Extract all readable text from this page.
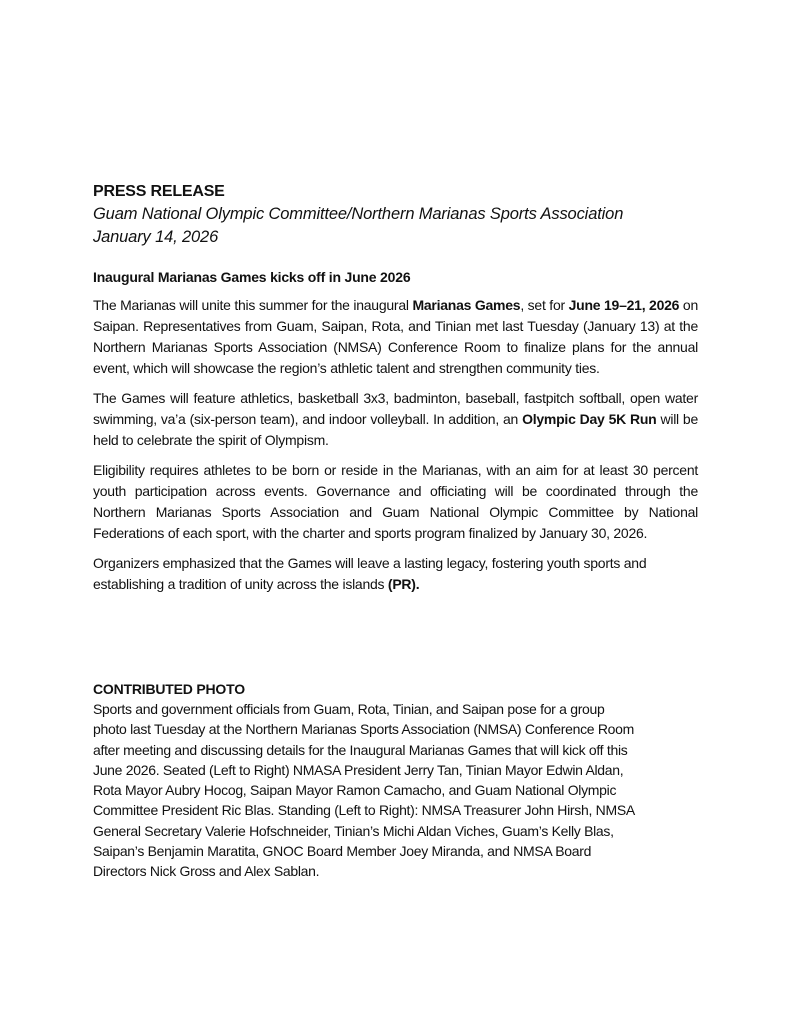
PRESS RELEASE

Guam National Olympic Committee/Northern Marianas Sports Association

January 14, 2026

Inaugural Marianas Games kicks off in June 2026

The Marianas will unite this summer for the inaugural Marianas Games, set for June 19–21, 2026 on Saipan. Representatives from Guam, Saipan, Rota, and Tinian met last Tuesday (January 13) at the Northern Marianas Sports Association (NMSA) Conference Room to finalize plans for the annual event, which will showcase the region’s athletic talent and strengthen community ties.

The Games will feature athletics, basketball 3x3, badminton, baseball, fastpitch softball, open water swimming, va’a (six-person team), and indoor volleyball. In addition, an Olympic Day 5K Run will be held to celebrate the spirit of Olympism.

Eligibility requires athletes to be born or reside in the Marianas, with an aim for at least 30 percent youth participation across events. Governance and officiating will be coordinated through the Northern Marianas Sports Association and Guam National Olympic Committee by National Federations of each sport, with the charter and sports program finalized by January 30, 2026.

Organizers emphasized that the Games will leave a lasting legacy, fostering youth sports and establishing a tradition of unity across the islands (PR).

CONTRIBUTED PHOTO

Sports and government officials from Guam, Rota, Tinian, and Saipan pose for a group

photo last Tuesday at the Northern Marianas Sports Association (NMSA) Conference Room

after meeting and discussing details for the Inaugural Marianas Games that will kick off this

June 2026. Seated (Left to Right) NMASA President Jerry Tan, Tinian Mayor Edwin Aldan,

Rota Mayor Aubry Hocog, Saipan Mayor Ramon Camacho, and Guam National Olympic

Committee President Ric Blas. Standing (Left to Right): NMSA Treasurer John Hirsh, NMSA

General Secretary Valerie Hofschneider, Tinian’s Michi Aldan Viches, Guam’s Kelly Blas,

Saipan’s Benjamin Maratita, GNOC Board Member Joey Miranda, and NMSA Board

Directors Nick Gross and Alex Sablan.
